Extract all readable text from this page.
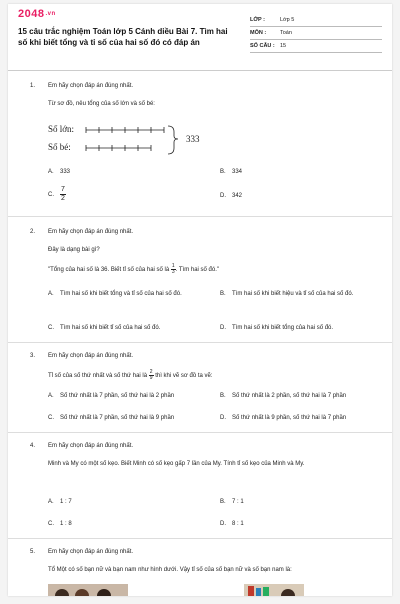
2048.vn
15 câu trắc nghiệm Toán lớp 5 Cánh diều Bài 7. Tìm hai số khi biết tổng và tỉ số của hai số đó có đáp án
LỚP :	Lớp 5
MÔN :	Toán
SỐ CÂU : 15
1.	Em hãy chọn đáp án đúng nhất.
Từ sơ đồ, nêu tổng của số lớn và số bé:
Số lớn:
Số bé:
333
A. 333	B. 334
C. $\frac{7}{2}$	D. 342
2.	Em hãy chọn đáp án đúng nhất.
Đây là dạng bài gì?
"Tổng của hai số là 36. Biết tỉ số của hai số là $\frac{1}{3}$. Tìm hai số đó."
A.	Tìm hai số khi biết tổng và tỉ số của hai số đó.	B.	Tìm hai số khi biết hiệu và tỉ số của hai số đó.
C. Tìm hai số khi biết tỉ số của hai số đó.	D. Tìm hai số khi biết tổng của hai số đó.
3.	Em hãy chọn đáp án đúng nhất.
Tỉ số của số thứ nhất và số thứ hai là $\frac{2}{9}$ thì khi vẽ sơ đồ ta vẽ:
A. Số thứ nhất là 7 phần, số thứ hai là 2 phần	B. Số thứ nhất là 2 phần, số thứ hai là 7 phần
C. Số thứ nhất là 7 phần, số thứ hai là 9 phần	D. Số thứ nhất là 9 phần, số thứ hai là 7 phần
4.	Em hãy chọn đáp án đúng nhất.
Minh và My có một số kẹo. Biết Minh có số kẹo gấp 7 lần của My. Tính tỉ số kẹo của Minh và My.
A. 1 : 7	B. 7 : 1
C. 1 : 8	D. 8 : 1
5.	Em hãy chọn đáp án đúng nhất.
Tổ Một có số bạn nữ và bạn nam như hình dưới. Vậy tỉ số của số bạn nữ và số bạn nam là:
